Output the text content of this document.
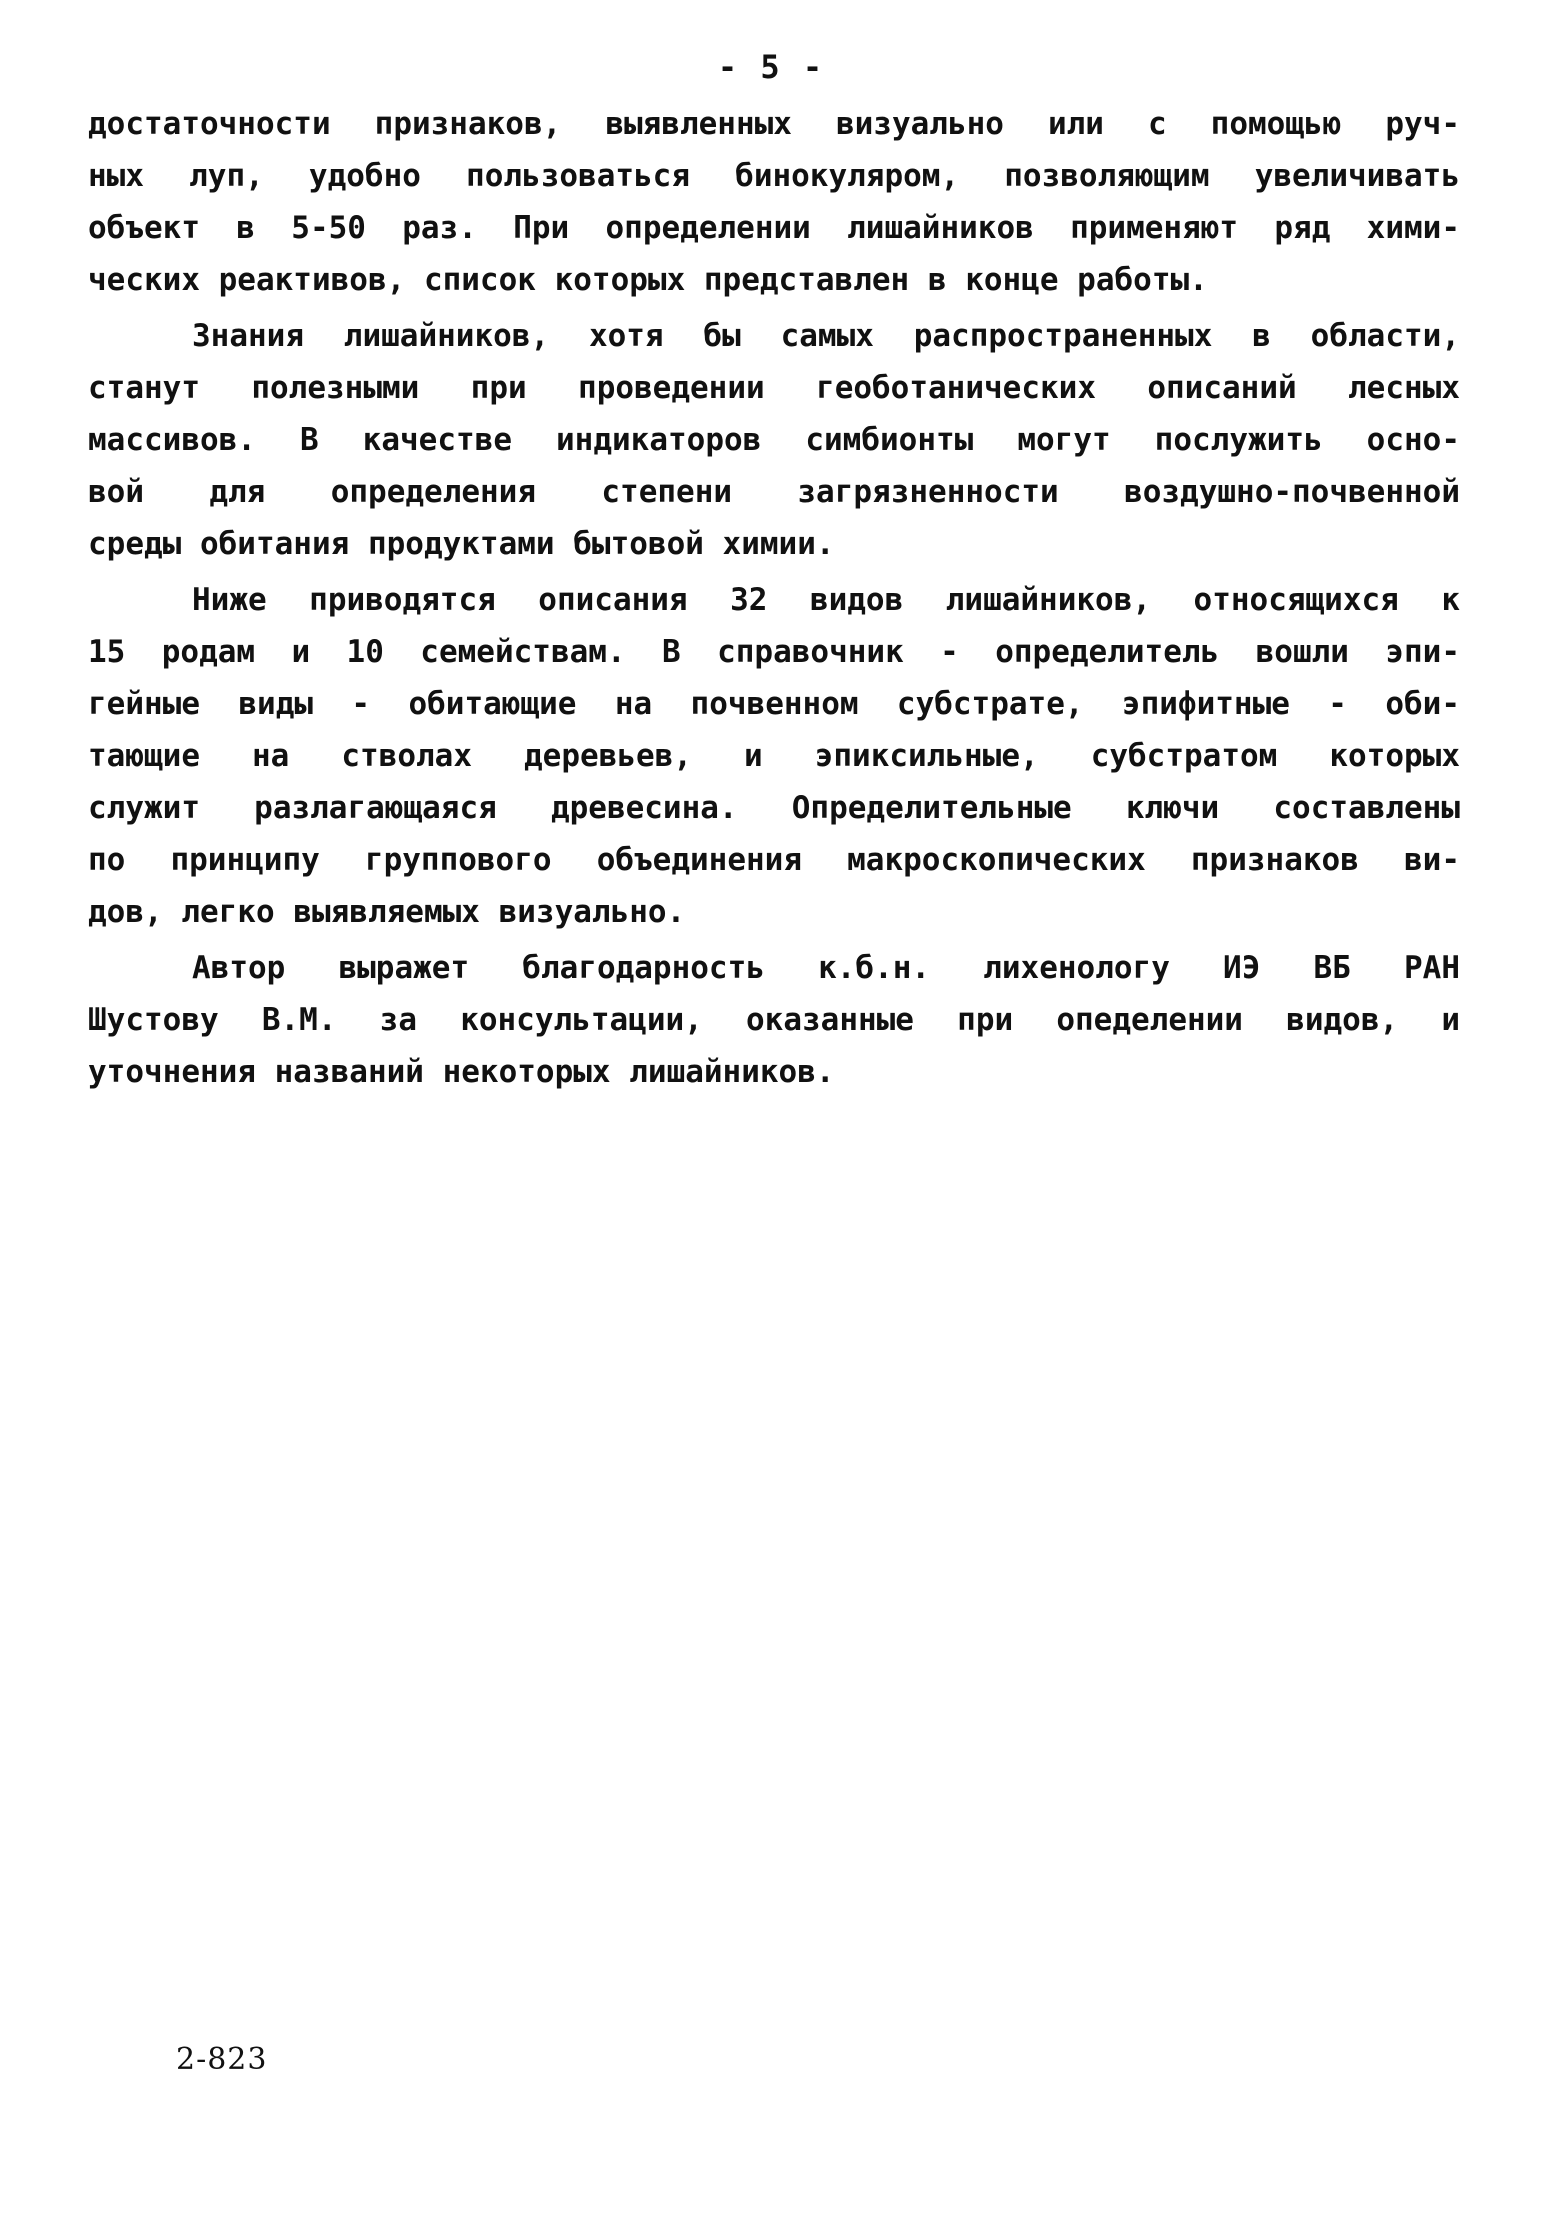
- 5 -
достаточности признаков, выявленных визуально или с помощью руч-
ных луп, удобно пользоваться бинокуляром, позволяющим увеличивать
объект в 5-50 раз. При определении лишайников применяют ряд хими-
ческих реактивов, список которых представлен в конце работы.
Знания лишайников, хотя бы самых распространенных в области,
станут полезными при проведении геоботанических описаний лесных
массивов. В качестве индикаторов симбионты могут послужить осно-
вой для определения степени загрязненности воздушно-почвенной
среды обитания продуктами бытовой химии.
Ниже приводятся описания 32 видов лишайников, относящихся к
15 родам и 10 семействам. В справочник - определитель вошли эпи-
гейные виды - обитающие на почвенном субстрате, эпифитные - оби-
тающие на стволах деревьев, и эпиксильные, субстратом которых
служит разлагающаяся древесина. Определительные ключи составлены
по принципу группового объединения макроскопических признаков ви-
дов, легко выявляемых визуально.
Автор выражет благодарность к.б.н. лихенологу ИЭ ВБ РАН
Шустову В.М. за консультации, оказанные при опеделении видов, и
уточнения названий некоторых лишайников.
2-823
